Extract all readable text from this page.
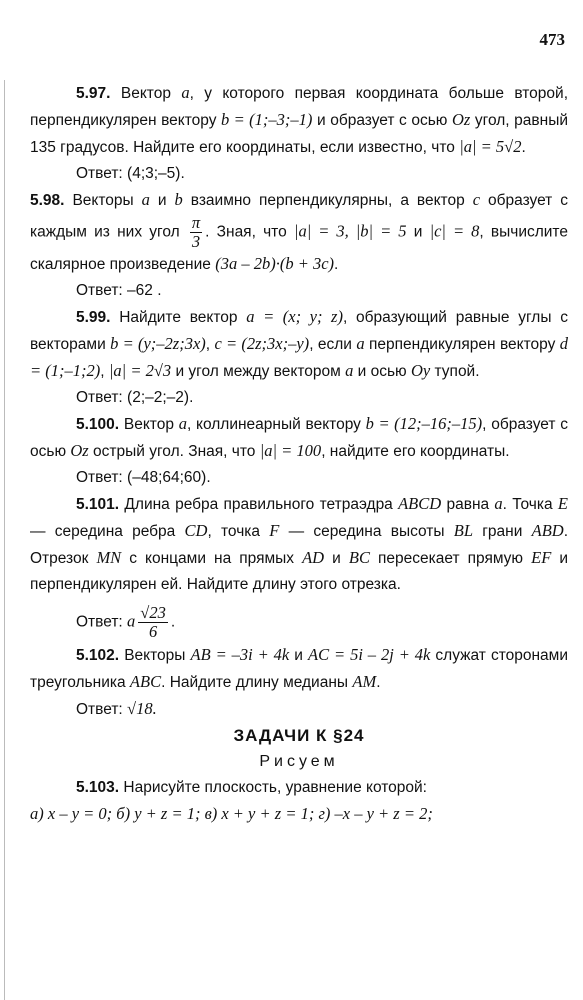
473

5.97. Вектор a, у которого первая координата больше второй, перпендикулярен вектору b = (1;–3;–1) и образует с осью Oz угол, равный 135 градусов. Найдите его координаты, если известно, что |a| = 5√2.

Ответ: (4;3;–5).

5.98. Векторы a и b взаимно перпендикулярны, а вектор c образует с каждым из них угол $\frac{\pi}{3}$ . Зная, что |a| = 3, |b| = 5 и |c| = 8, вычислите скалярное произведение (3a – 2b)·(b + 3c).

Ответ: –62 .

5.99. Найдите вектор a = (x; y; z), образующий равные углы с векторами b = (y;–2z;3x), c = (2z;3x;–y), если a перпендикулярен вектору d = (1;–1;2), |a| = 2√3 и угол между вектором a и осью Oy тупой.

Ответ: (2;–2;–2).

5.100. Вектор a, коллинеарный вектору b = (12;–16;–15), образует с осью Oz острый угол. Зная, что |a| = 100, найдите его координаты.

Ответ: (–48;64;60).

5.101. Длина ребра правильного тетраэдра ABCD равна a. Точка E — середина ребра CD, точка F — середина высоты BL грани ABD. Отрезок MN с концами на прямых AD и BC пересекает прямую EF и перпендикулярен ей. Найдите длину этого отрезка.

Ответ: a $\frac{√23}{6}$ .

5.102. Векторы AB = –3i + 4k и AC = 5i – 2j + 4k служат сторонами треугольника ABC. Найдите длину медианы AM.

Ответ: √18.

ЗАДАЧИ К §24

Рисуем

5.103. Нарисуйте плоскость, уравнение которой:

а) x – y = 0; б) y + z = 1; в) x + y + z = 1; г) –x – y + z = 2;
